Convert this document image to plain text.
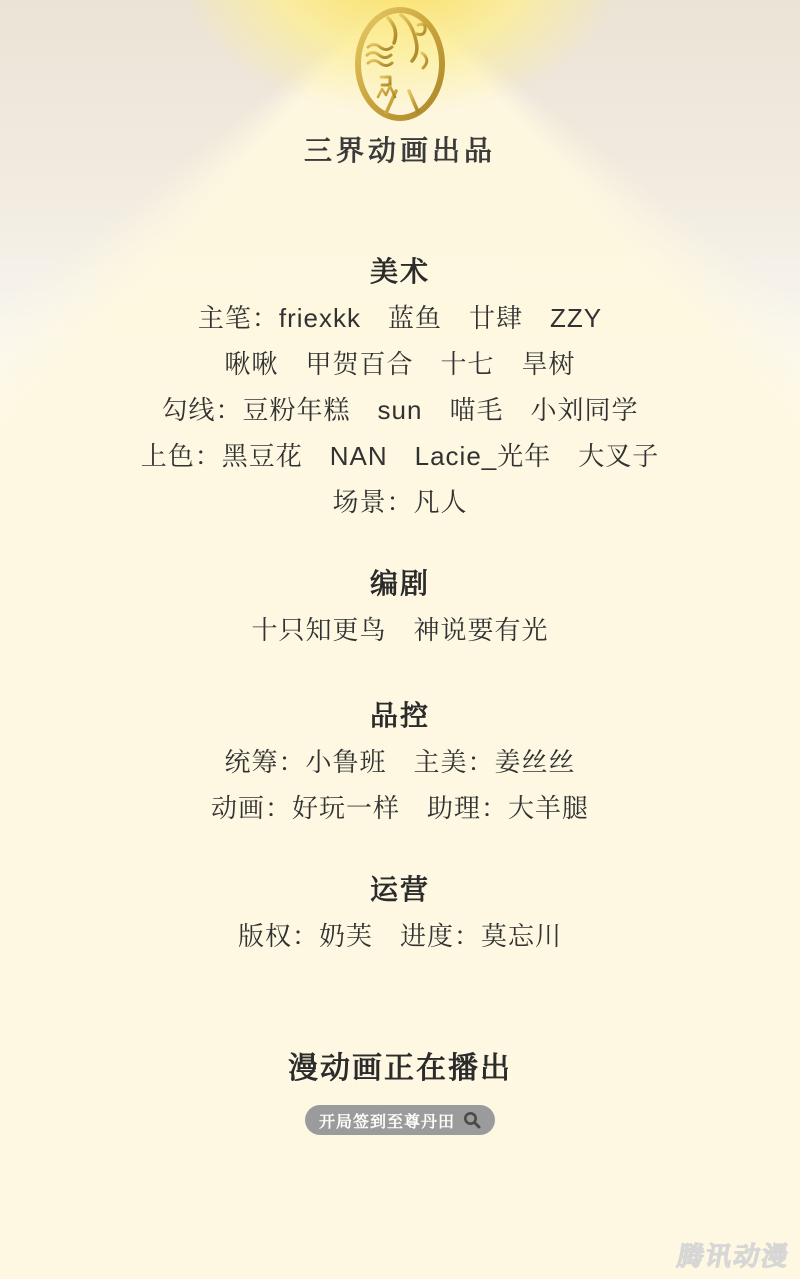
三界动画出品
美术
主笔：friexkk　蓝鱼　廿肆　ZZY
啾啾　甲贺百合　十七　旱树
勾线：豆粉年糕　sun　喵毛　小刘同学
上色：黑豆花　NAN　Lacie_光年　大叉子
场景：凡人
编剧
十只知更鸟　神说要有光
品控
统筹：小鲁班　主美：姜丝丝
动画：好玩一样　助理：大羊腿
运营
版权：奶芙　进度：莫忘川
漫动画正在播出
开局签到至尊丹田
腾讯动漫
